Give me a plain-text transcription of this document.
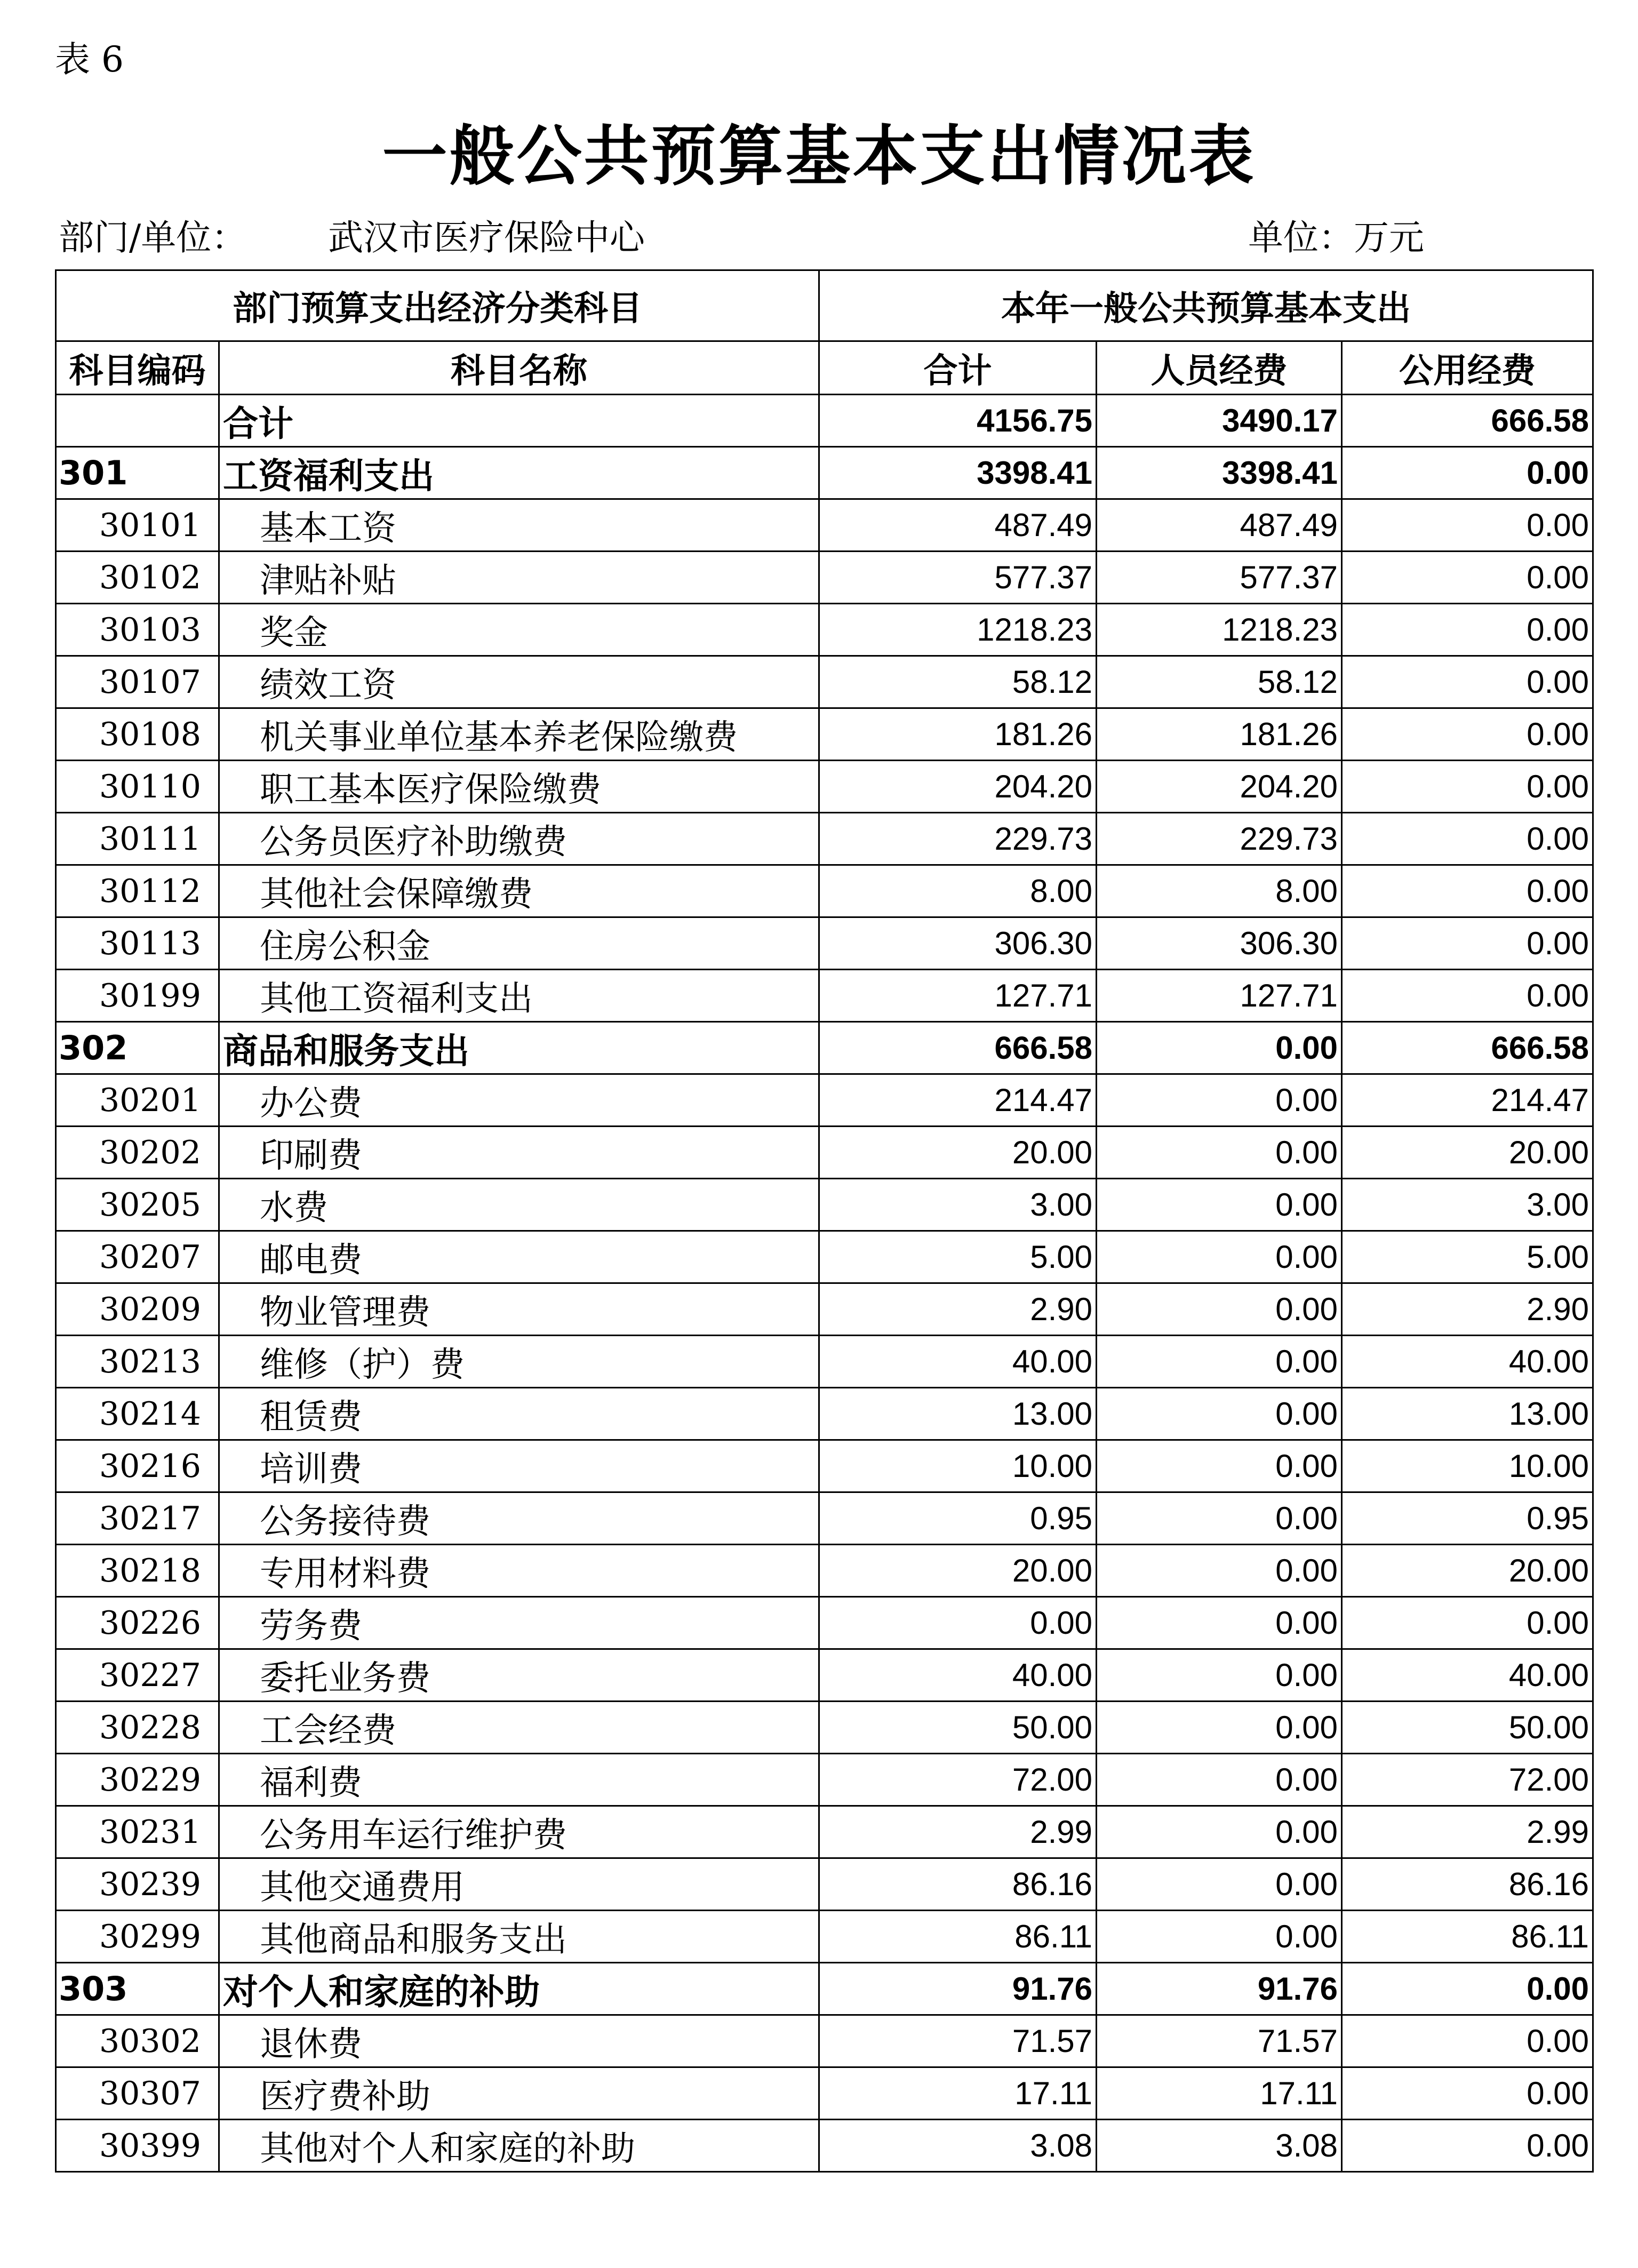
表 6
一般公共预算基本支出情况表
部门/单位： 武汉市医疗保险中心	单位：万元
部门预算支出经济分类科目		本年一般公共预算基本支出		
科目编码	科目名称	合计	人员经费	公用经费
	合计	4156.75	3490.17	666.58
301	工资福利支出	3398.41	3398.41	0.00
30101	基本工资	487.49	487.49	0.00
30102	津贴补贴	577.37	577.37	0.00
30103	奖金	1218.23	1218.23	0.00
30107	绩效工资	58.12	58.12	0.00
30108	机关事业单位基本养老保险缴费	181.26	181.26	0.00
30110	职工基本医疗保险缴费	204.20	204.20	0.00
30111	公务员医疗补助缴费	229.73	229.73	0.00
30112	其他社会保障缴费	8.00	8.00	0.00
30113	住房公积金	306.30	306.30	0.00
30199	其他工资福利支出	127.71	127.71	0.00
302	商品和服务支出	666.58	0.00	666.58
30201	办公费	214.47	0.00	214.47
30202	印刷费	20.00	0.00	20.00
30205	水费	3.00	0.00	3.00
30207	邮电费	5.00	0.00	5.00
30209	物业管理费	2.90	0.00	2.90
30213	维修（护）费	40.00	0.00	40.00
30214	租赁费	13.00	0.00	13.00
30216	培训费	10.00	0.00	10.00
30217	公务接待费	0.95	0.00	0.95
30218	专用材料费	20.00	0.00	20.00
30226	劳务费	0.00	0.00	0.00
30227	委托业务费	40.00	0.00	40.00
30228	工会经费	50.00	0.00	50.00
30229	福利费	72.00	0.00	72.00
30231	公务用车运行维护费	2.99	0.00	2.99
30239	其他交通费用	86.16	0.00	86.16
30299	其他商品和服务支出	86.11	0.00	86.11
303	对个人和家庭的补助	91.76	91.76	0.00
30302	退休费	71.57	71.57	0.00
30307	医疗费补助	17.11	17.11	0.00
30399	其他对个人和家庭的补助	3.08	3.08	0.00
